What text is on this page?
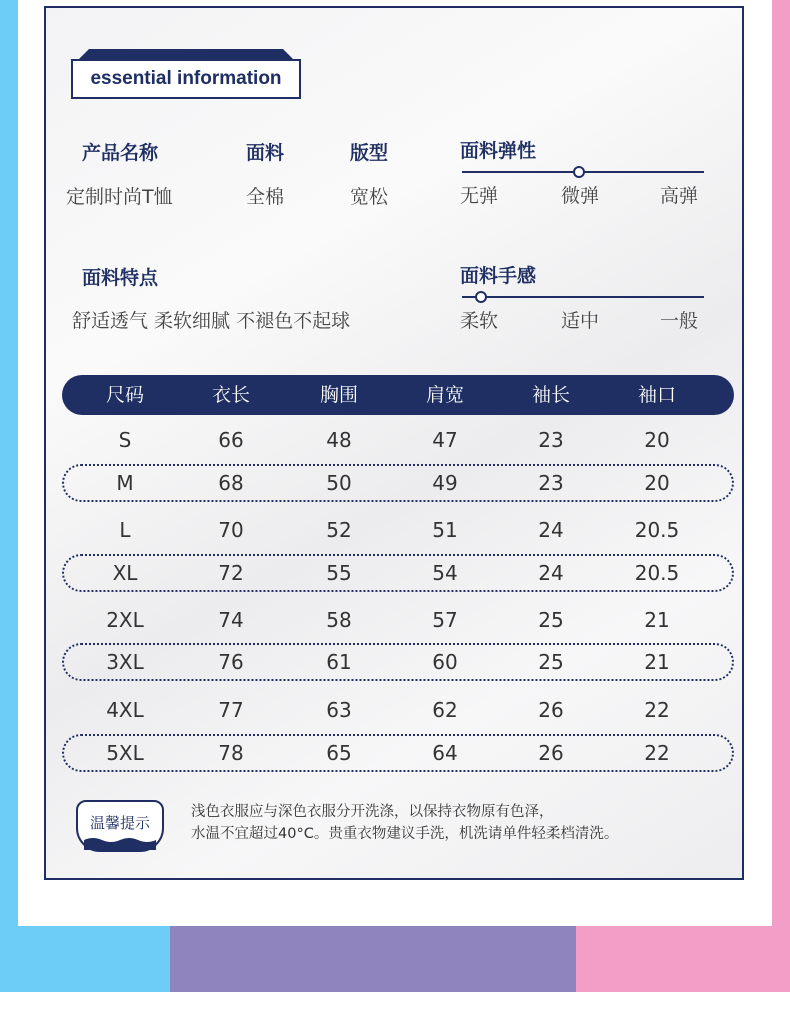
essential information
产品名称
定制时尚T恤
面料
全棉
版型
宽松
面料弹性
无弹	微弹	高弹
面料特点
舒适透气 柔软细腻 不褪色不起球
面料手感
柔软	适中	一般
尺码	衣长	胸围	肩宽	袖长	袖口
S	66	48	47	23	20
M	68	50	49	23	20
L	70	52	51	24	20.5
XL	72	55	54	24	20.5
2XL	74	58	57	25	21
3XL	76	61	60	25	21
4XL	77	63	62	26	22
5XL	78	65	64	26	22
温馨提示
浅色衣服应与深色衣服分开洗涤，以保持衣物原有色泽，
水温不宜超过40°C。贵重衣物建议手洗，机洗请单件轻柔档清洗。
